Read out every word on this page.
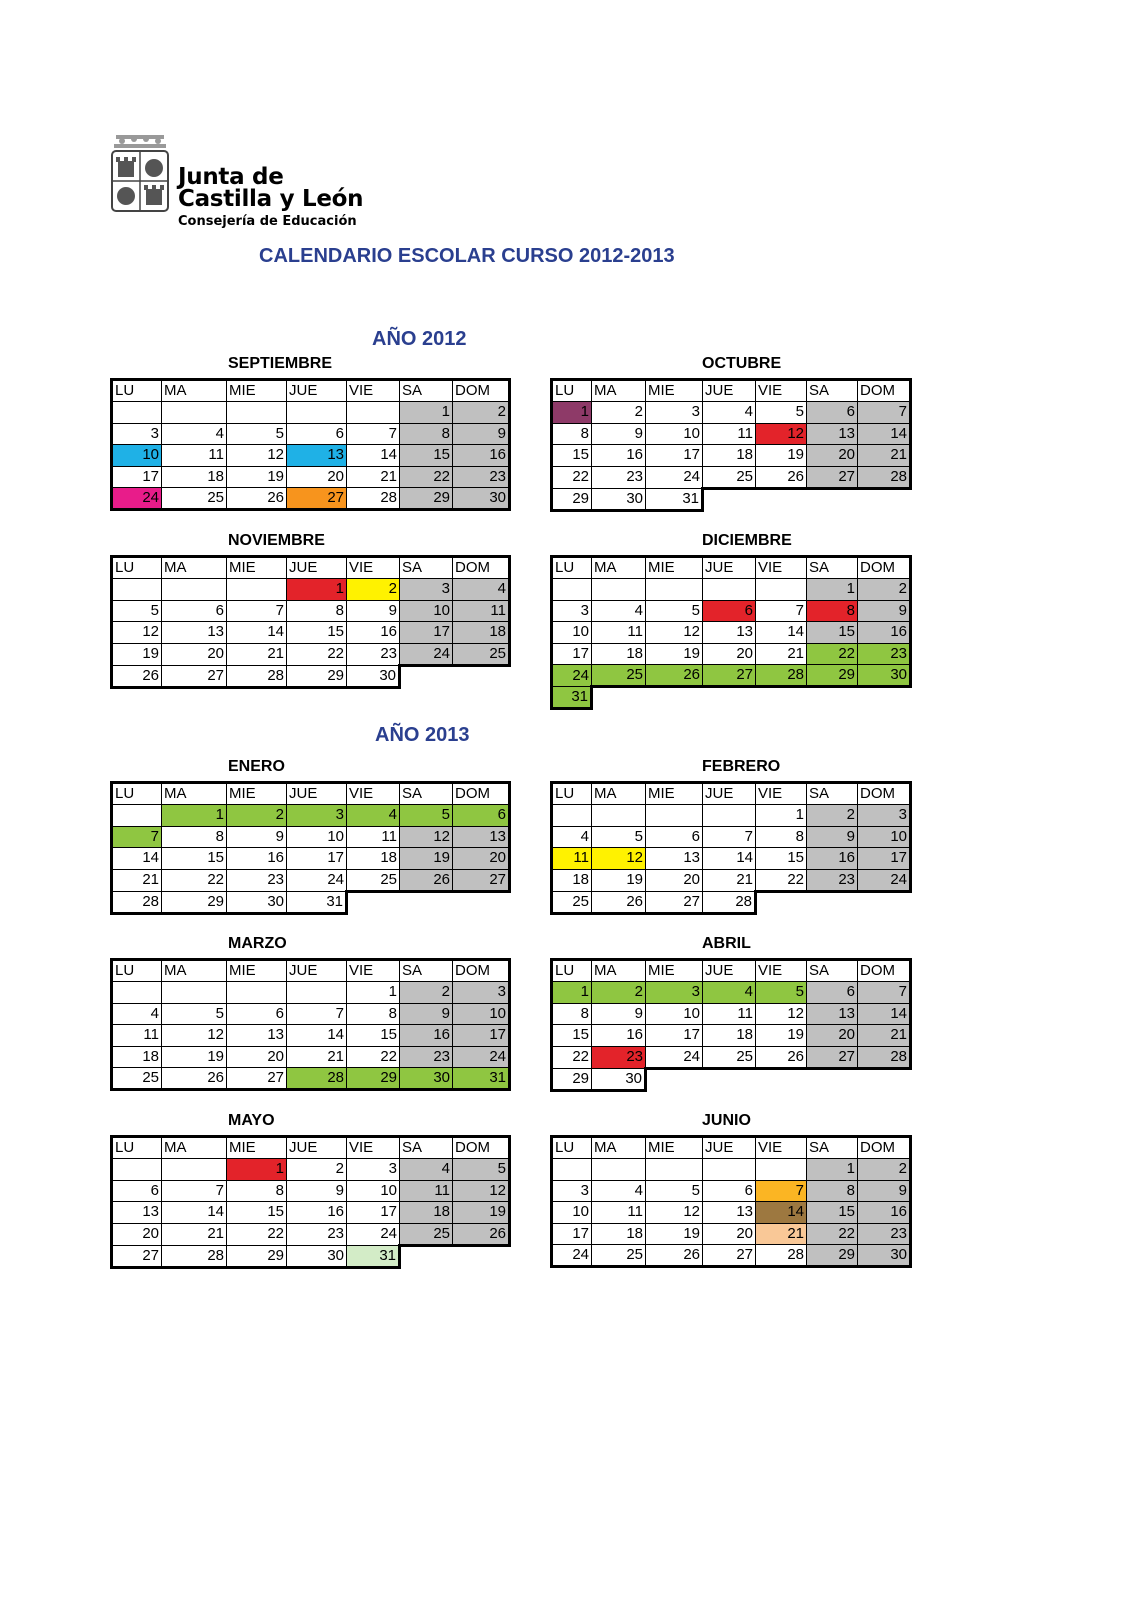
Junta de
Castilla y León
Consejería de Educación
CALENDARIO ESCOLAR CURSO 2012-2013
AÑO 2012
AÑO 2013
SEPTIEMBRE
LU	MA	MIE	JUE	VIE	SA	DOM
					1	2
3	4	5	6	7	8	9
10	11	12	13	14	15	16
17	18	19	20	21	22	23
24	25	26	27	28	29	30
OCTUBRE
LU	MA	MIE	JUE	VIE	SA	DOM
1	2	3	4	5	6	7
8	9	10	11	12	13	14
15	16	17	18	19	20	21
22	23	24	25	26	27	28
29	30	31				
NOVIEMBRE
LU	MA	MIE	JUE	VIE	SA	DOM
			1	2	3	4
5	6	7	8	9	10	11
12	13	14	15	16	17	18
19	20	21	22	23	24	25
26	27	28	29	30		
DICIEMBRE
LU	MA	MIE	JUE	VIE	SA	DOM
					1	2
3	4	5	6	7	8	9
10	11	12	13	14	15	16
17	18	19	20	21	22	23
24	25	26	27	28	29	30
31						
ENERO
LU	MA	MIE	JUE	VIE	SA	DOM
	1	2	3	4	5	6
7	8	9	10	11	12	13
14	15	16	17	18	19	20
21	22	23	24	25	26	27
28	29	30	31			
FEBRERO
LU	MA	MIE	JUE	VIE	SA	DOM
				1	2	3
4	5	6	7	8	9	10
11	12	13	14	15	16	17
18	19	20	21	22	23	24
25	26	27	28			
MARZO
LU	MA	MIE	JUE	VIE	SA	DOM
				1	2	3
4	5	6	7	8	9	10
11	12	13	14	15	16	17
18	19	20	21	22	23	24
25	26	27	28	29	30	31
ABRIL
LU	MA	MIE	JUE	VIE	SA	DOM
1	2	3	4	5	6	7
8	9	10	11	12	13	14
15	16	17	18	19	20	21
22	23	24	25	26	27	28
29	30					
MAYO
LU	MA	MIE	JUE	VIE	SA	DOM
		1	2	3	4	5
6	7	8	9	10	11	12
13	14	15	16	17	18	19
20	21	22	23	24	25	26
27	28	29	30	31		
JUNIO
LU	MA	MIE	JUE	VIE	SA	DOM
					1	2
3	4	5	6	7	8	9
10	11	12	13	14	15	16
17	18	19	20	21	22	23
24	25	26	27	28	29	30
